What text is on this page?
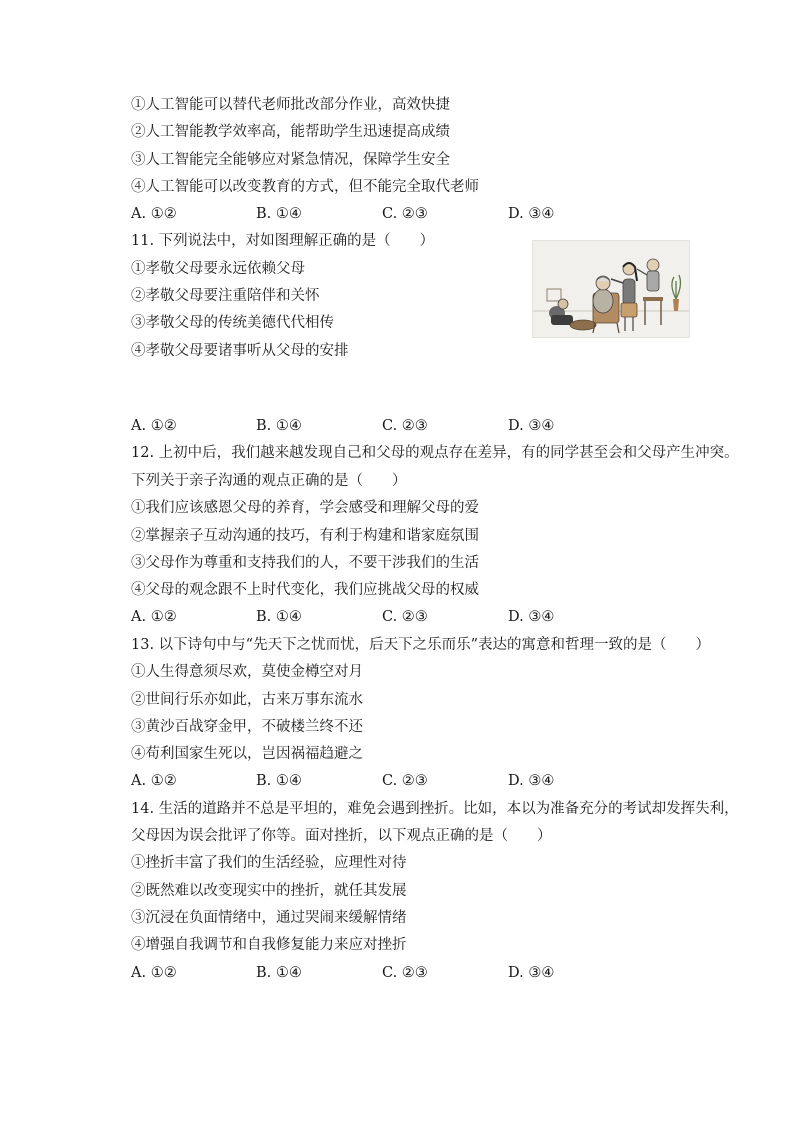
①人工智能可以替代老师批改部分作业，高效快捷
②人工智能教学效率高，能帮助学生迅速提高成绩
③人工智能完全能够应对紧急情况，保障学生安全
④人工智能可以改变教育的方式，但不能完全取代老师
A. ①②	B. ①④	C. ②③	D. ③④
11. 下列说法中，对如图理解正确的是（　　）
①孝敬父母要永远依赖父母
②孝敬父母要注重陪伴和关怀
③孝敬父母的传统美德代代相传
④孝敬父母要诸事听从父母的安排
A. ①②	B. ①④	C. ②③	D. ③④
12. 上初中后，我们越来越发现自己和父母的观点存在差异，有的同学甚至会和父母产生冲突。
下列关于亲子沟通的观点正确的是（　　）
①我们应该感恩父母的养育，学会感受和理解父母的爱
②掌握亲子互动沟通的技巧，有利于构建和谐家庭氛围
③父母作为尊重和支持我们的人，不要干涉我们的生活
④父母的观念跟不上时代变化，我们应挑战父母的权威
A. ①②	B. ①④	C. ②③	D. ③④
13. 以下诗句中与“先天下之忧而忧，后天下之乐而乐”表达的寓意和哲理一致的是（　　）
①人生得意须尽欢，莫使金樽空对月
②世间行乐亦如此，古来万事东流水
③黄沙百战穿金甲，不破楼兰终不还
④苟利国家生死以，岂因祸福趋避之
A. ①②	B. ①④	C. ②③	D. ③④
14. 生活的道路并不总是平坦的，难免会遇到挫折。比如，本以为准备充分的考试却发挥失利，
父母因为误会批评了你等。面对挫折，以下观点正确的是（　　）
①挫折丰富了我们的生活经验，应理性对待
②既然难以改变现实中的挫折，就任其发展
③沉浸在负面情绪中，通过哭闹来缓解情绪
④增强自我调节和自我修复能力来应对挫折
A. ①②	B. ①④	C. ②③	D. ③④
